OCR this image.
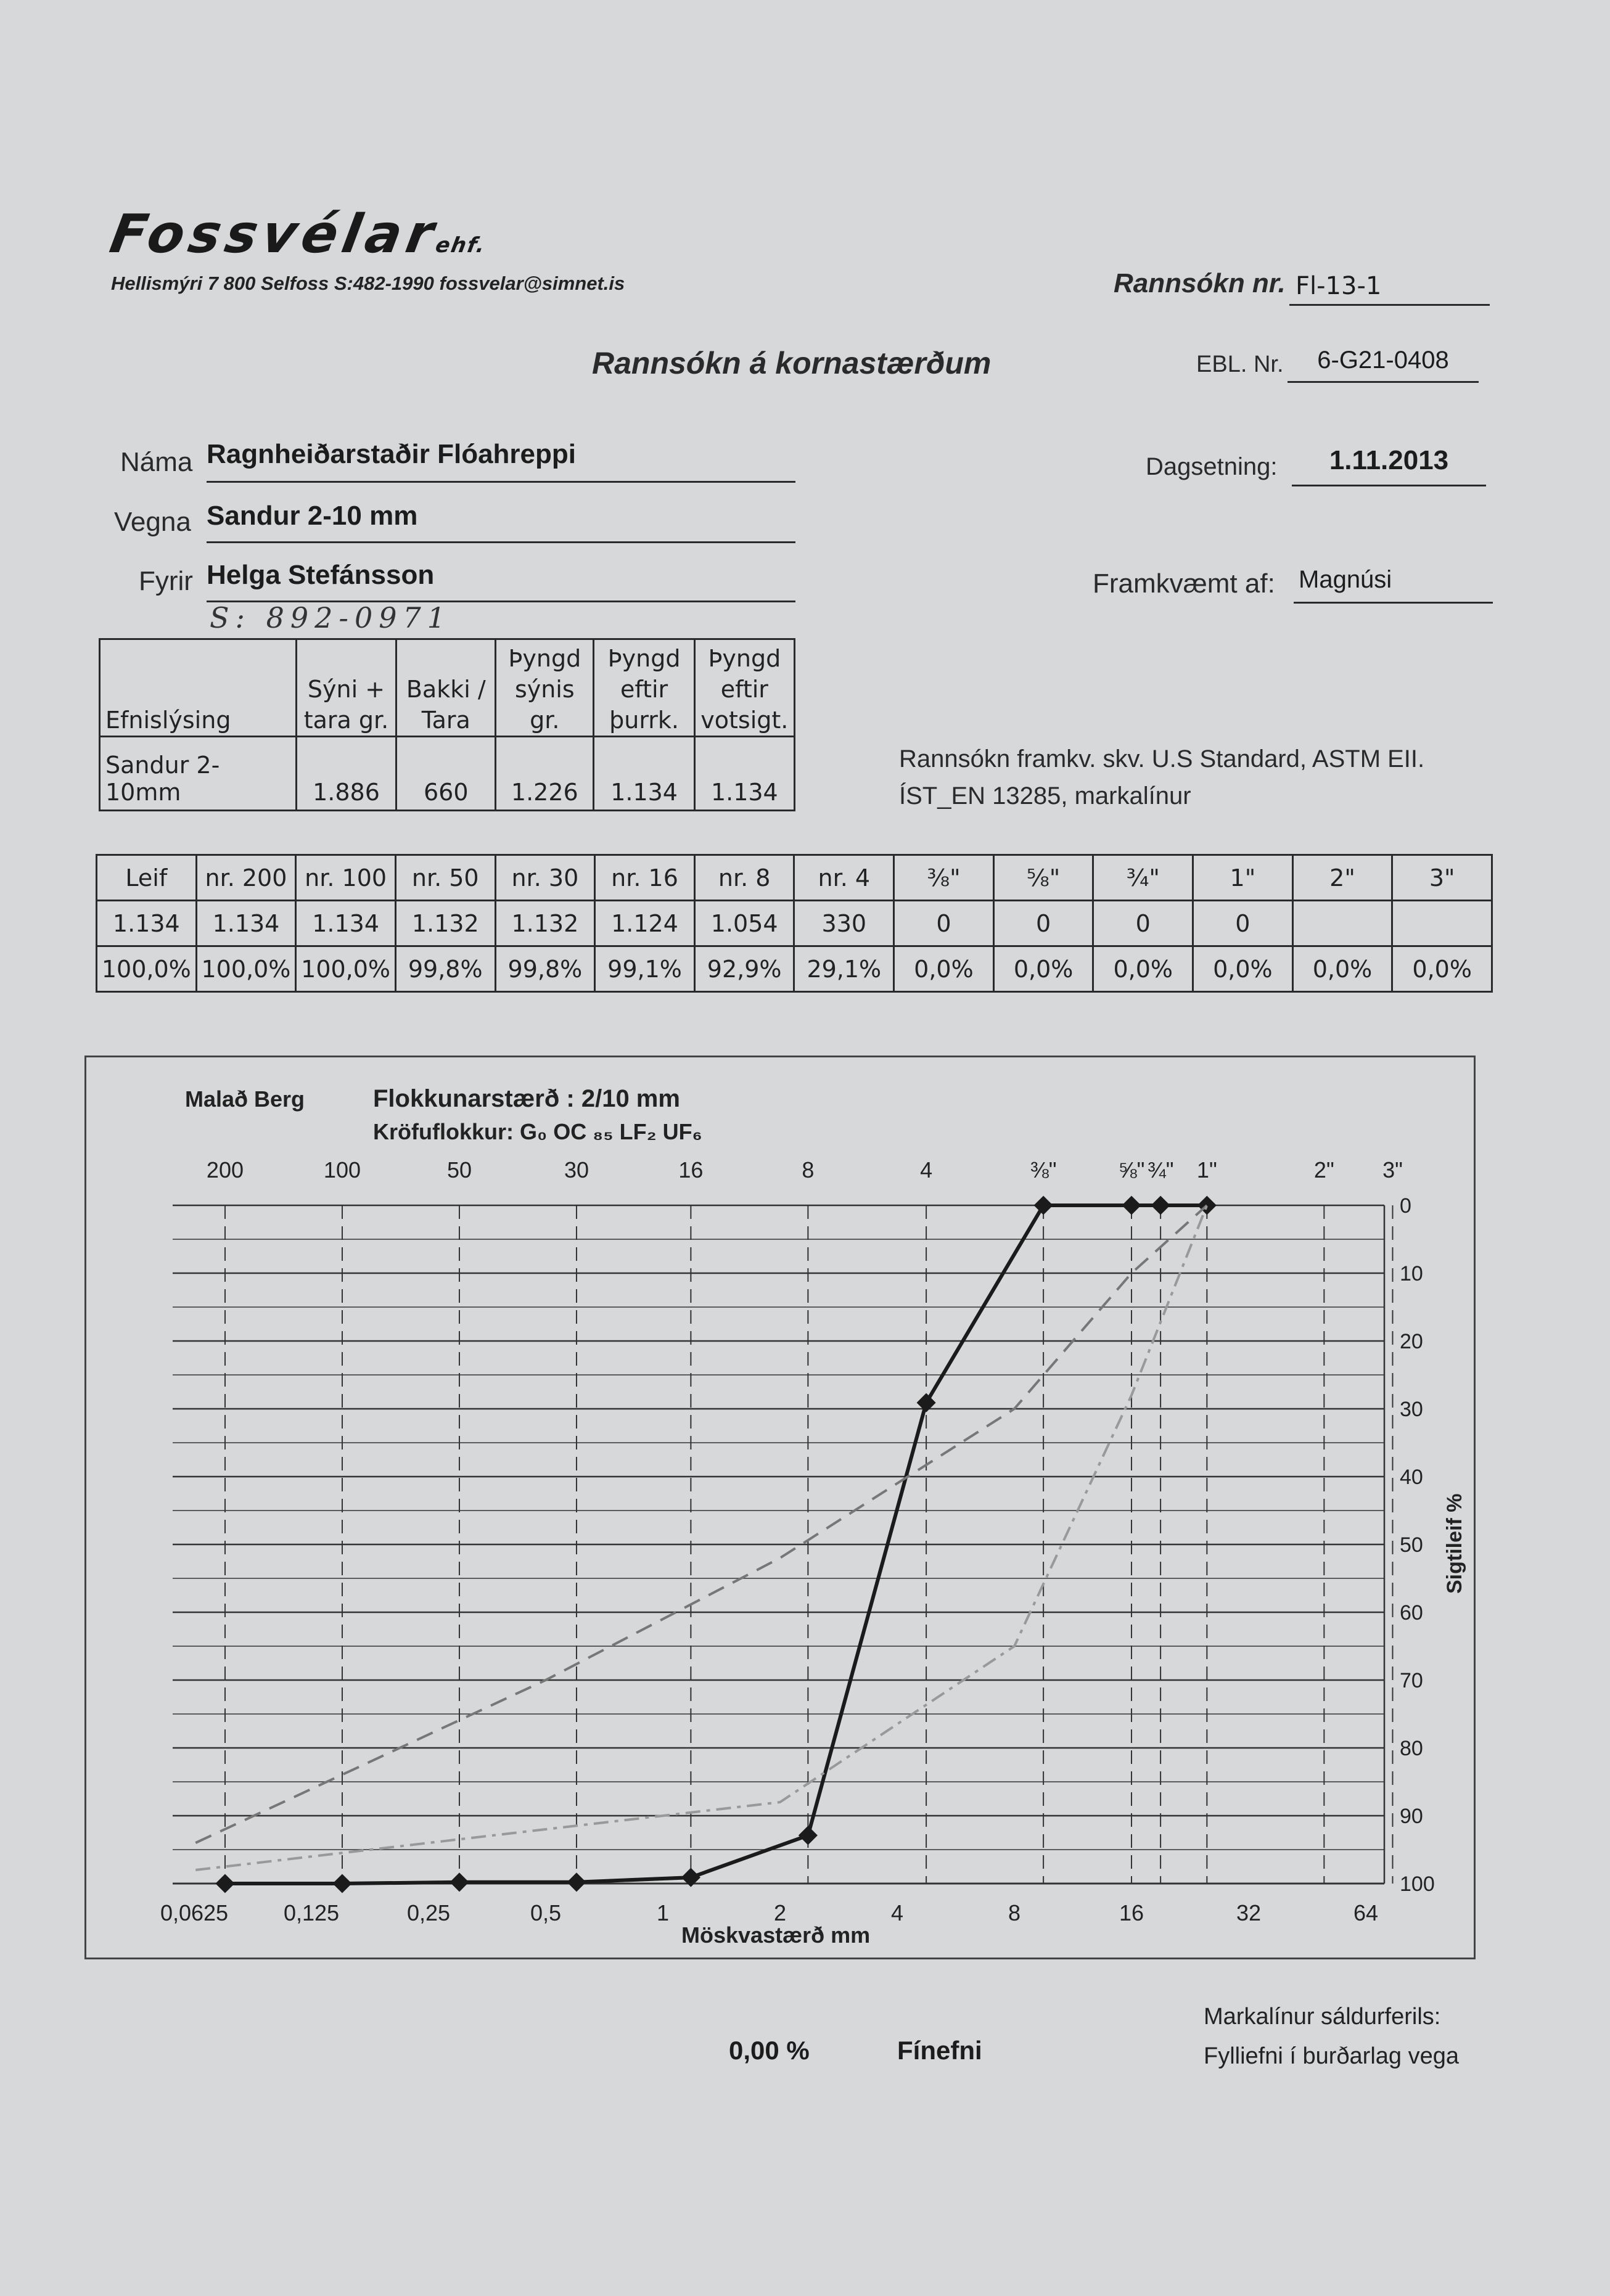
Fossvélarehf.
Hellismýri 7 800 Selfoss S:482-1990 fossvelar@simnet.is	Rannsókn nr. Fl-13-1
Rannsókn á kornastærðum	EBL. Nr.	6-G21-0408
Náma Ragnheiðarstaðir Flóahreppi
Vegna Sandur 2-10 mm
Fyrir Helga Stefánsson
S: 892-0971
Dagsetning:	1.11.2013
Framkvæmt af: Magnúsi
Efnislýsing	Sýni + tara gr.	Bakki / Tara	Þyngd sýnis gr.	Þyngd eftir þurrk.	Þyngd eftir votsigt.
Sandur 2-10mm	1.886	660	1.226	1.134	1.134
Rannsókn framkv. skv. U.S Standard, ASTM EII.
ÍST_EN 13285, markalínur
Leif	nr. 200	nr. 100	nr. 50	nr. 30	nr. 16	nr. 8	nr. 4	⅜"	⅝"	¾"	1"	2"	3"
1.134	1.134	1.134	1.132	1.132	1.124	1.054	330	0	0	0	0		
100,0%	100,0%	100,0%	99,8%	99,8%	99,1%	92,9%	29,1%	0,0%	0,0%	0,0%	0,0%	0,0%	0,0%
Malað Berg	Flokkunarstærð : 2/10 mm
Kröfuflokkur: G₀ OC ₈₅ LF₂ UF₆
Möskvastærð mm
Sigtileif %
0,0625 0,125	0,25	0,5	1	2	4	8	16	32	64
200	100	50	30	16	8	4	⅜"	⅝" ¾" 1"	2" 3"
0
10
20
30
40
50
60
70
80
90
100
0,00 %	Fínefni
Markalínur sáldurferils:
Fylliefni í burðarlag vega
